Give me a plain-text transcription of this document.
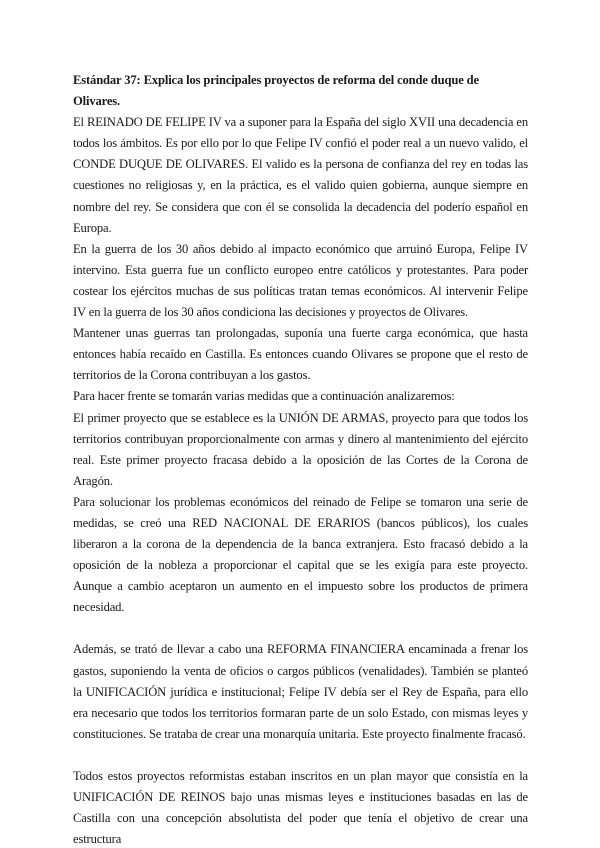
Estándar 37: Explica los principales proyectos de reforma del conde duque de Olivares.

El REINADO DE FELIPE IV va a suponer para la España del siglo XVII una decadencia en todos los ámbitos. Es por ello por lo que Felipe IV confió el poder real a un nuevo valido, el CONDE DUQUE DE OLIVARES. El valido es la persona de confianza del rey en todas las cuestiones no religiosas y, en la práctica, es el valido quien gobierna, aunque siempre en nombre del rey. Se considera que con él se consolida la decadencia del poderío español en Europa.

En la guerra de los 30 años debido al impacto económico que arruinó Europa, Felipe IV intervino. Esta guerra fue un conflicto europeo entre católicos y protestantes. Para poder costear los ejércitos muchas de sus políticas tratan temas económicos. Al intervenir Felipe IV en la guerra de los 30 años condiciona las decisiones y proyectos de Olivares.

Mantener unas guerras tan prolongadas, suponía una fuerte carga económica, que hasta entonces había recaído en Castilla. Es entonces cuando Olivares se propone que el resto de territorios de la Corona contribuyan a los gastos.

Para hacer frente se tomarán varias medidas que a continuación analizaremos:

El primer proyecto que se establece es la UNIÓN DE ARMAS, proyecto para que todos los territorios contribuyan proporcionalmente con armas y dinero al mantenimiento del ejército real. Este primer proyecto fracasa debido a la oposición de las Cortes de la Corona de Aragón.

Para solucionar los problemas económicos del reinado de Felipe se tomaron una serie de medidas, se creó una RED NACIONAL DE ERARIOS (bancos públicos), los cuales liberaron a la corona de la dependencia de la banca extranjera. Esto fracasó debido a la oposición de la nobleza a proporcionar el capital que se les exigía para este proyecto. Aunque a cambio aceptaron un aumento en el impuesto sobre los productos de primera necesidad.

Además, se trató de llevar a cabo una REFORMA FINANCIERA encaminada a frenar los gastos, suponiendo la venta de oficios o cargos públicos (venalidades). También se planteó la UNIFICACIÓN jurídica e institucional; Felipe IV debía ser el Rey de España, para ello era necesario que todos los territorios formaran parte de un solo Estado, con mismas leyes y constituciones. Se trataba de crear una monarquía unitaria. Este proyecto finalmente fracasó.

Todos estos proyectos reformistas estaban inscritos en un plan mayor que consistía en la UNIFICACIÓN DE REINOS bajo unas mismas leyes e instituciones basadas en las de Castilla con una concepción absolutista del poder que tenía el objetivo de crear una estructura
